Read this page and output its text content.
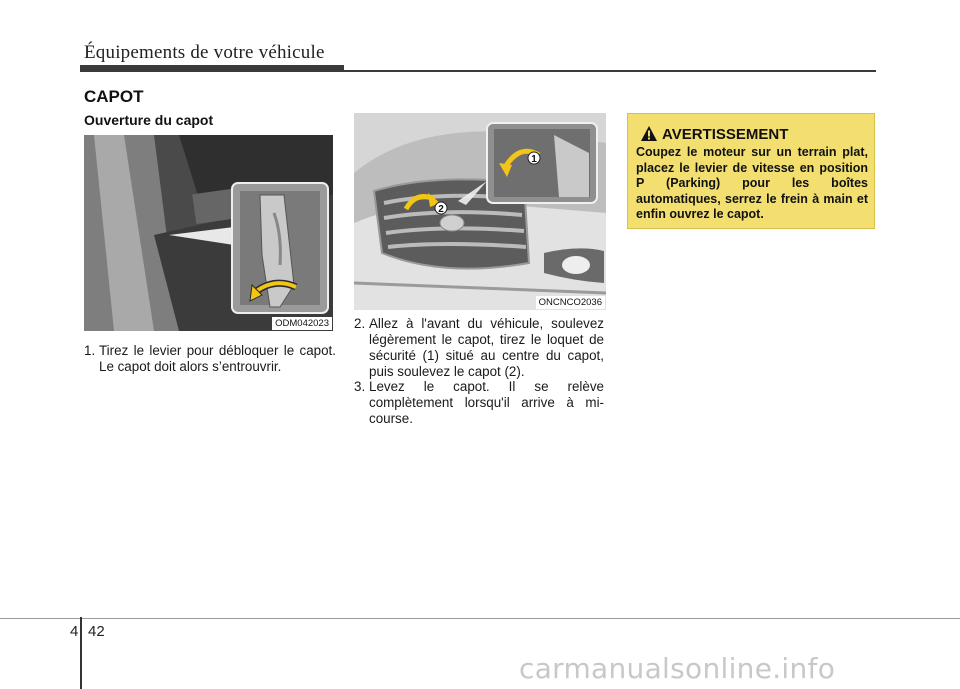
Équipements de votre véhicule
CAPOT
Ouverture du capot
ODM042023
1
2
ONCNCO2036
1. Tirez le levier pour débloquer le capot. Le capot doit alors s’entrouvrir.
2. Allez à l'avant du véhicule, soulevez légèrement le capot, tirez le loquet de sécurité (1) situé au centre du capot, puis soulevez le capot (2).
3. Levez le capot. Il se relève complètement lorsqu'il arrive à mi-course.
AVERTISSEMENT
Coupez le moteur sur un terrain plat, placez le levier de vitesse en position P (Parking) pour les boîtes automatiques, serrez le frein à main et enfin ouvrez le capot.
4 42
carmanualsonline.info
